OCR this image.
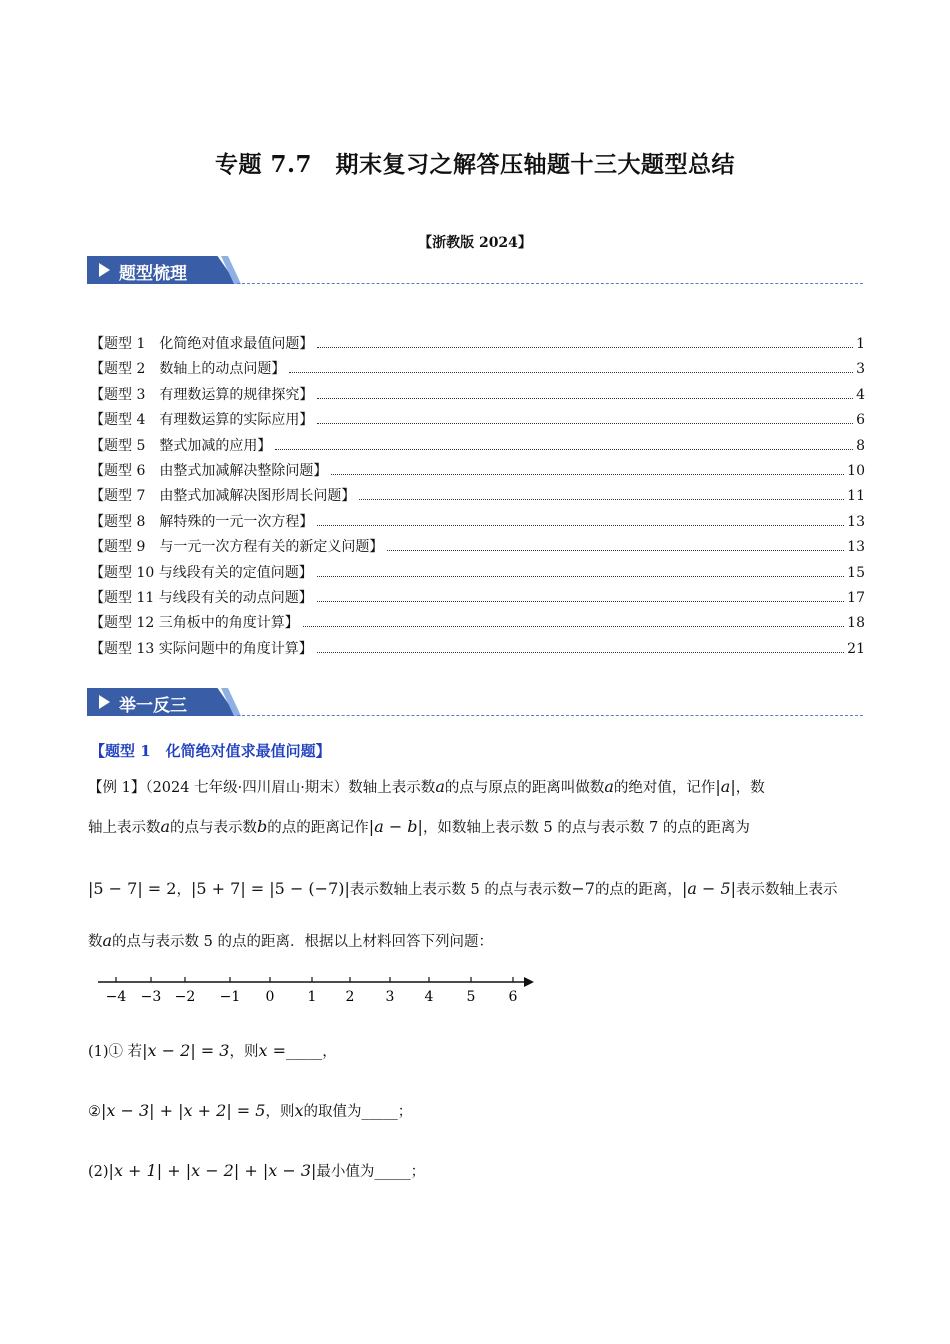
专题 7.7　期末复习之解答压轴题十三大题型总结
【浙教版 2024】
题型梳理
【题型 1　化简绝对值求最值问题】	1
【题型 2　数轴上的动点问题】	3
【题型 3　有理数运算的规律探究】	4
【题型 4　有理数运算的实际应用】	6
【题型 5　整式加减的应用】	8
【题型 6　由整式加减解决整除问题】	10
【题型 7　由整式加减解决图形周长问题】	11
【题型 8　解特殊的一元一次方程】	13
【题型 9　与一元一次方程有关的新定义问题】	13
【题型 10 与线段有关的定值问题】	15
【题型 11 与线段有关的动点问题】	17
【题型 12 三角板中的角度计算】	18
【题型 13 实际问题中的角度计算】	21
举一反三
【题型 1　化简绝对值求最值问题】
【例 1】（2024 七年级·四川眉山·期末）数轴上表示数a的点与原点的距离叫做数a的绝对值，记作|a|，数
轴上表示数a的点与表示数b的点的距离记作|a − b|，如数轴上表示数 5 的点与表示数 7 的点的距离为
|5 − 7| = 2，|5 + 7| = |5 − (−7)|表示数轴上表示数 5 的点与表示数−7的点的距离，|a − 5|表示数轴上表示
数a的点与表示数 5 的点的距离．根据以上材料回答下列问题：
−4 −3 −2 −1 0 1 2 3 4 5 6
(1)① 若|x − 2| = 3，则x =_____，
②|x − 3| + |x + 2| = 5，则x的取值为_____；
(2)|x + 1| + |x − 2| + |x − 3|最小值为_____；
